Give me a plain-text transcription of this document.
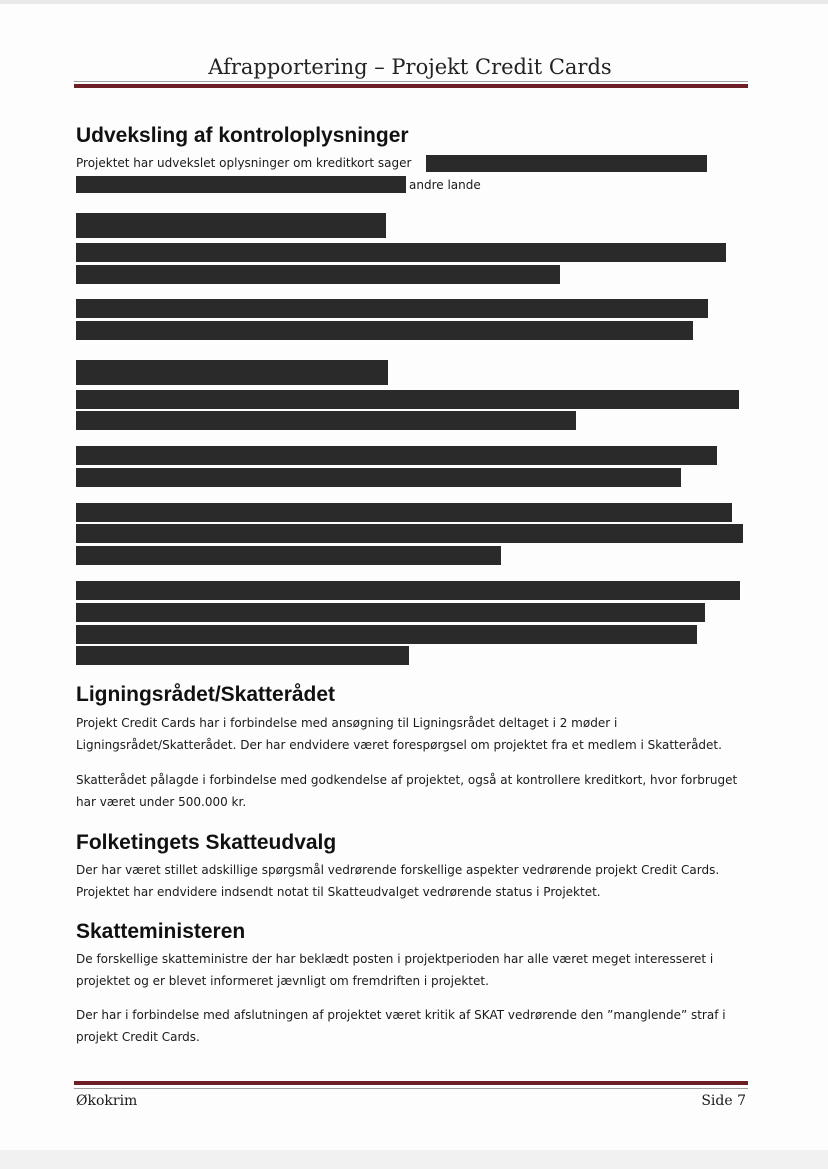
Afrapportering – Projekt Credit Cards
Udveksling af kontroloplysninger
Projektet har udvekslet oplysninger om kreditkort sager
andre lande
Ligningsrådet/Skatterådet

Projekt Credit Cards har i forbindelse med ansøgning til Ligningsrådet deltaget i 2 møder i Ligningsrådet/Skatterådet. Der har endvidere været forespørgsel om projektet fra et medlem i Skatterådet.

Skatterådet pålagde i forbindelse med godkendelse af projektet, også at kontrollere kreditkort, hvor forbruget har været under 500.000 kr.

Folketingets Skatteudvalg

Der har været stillet adskillige spørgsmål vedrørende forskellige aspekter vedrørende projekt Credit Cards. Projektet har endvidere indsendt notat til Skatteudvalget vedrørende status i Projektet.

Skatteministeren

De forskellige skatteministre der har beklædt posten i projektperioden har alle været meget interesseret i projektet og er blevet informeret jævnligt om fremdriften i projektet.

Der har i forbindelse med afslutningen af projektet været kritik af SKAT vedrørende den ”manglende” straf i projekt Credit Cards.

Økokrim	Side 7
